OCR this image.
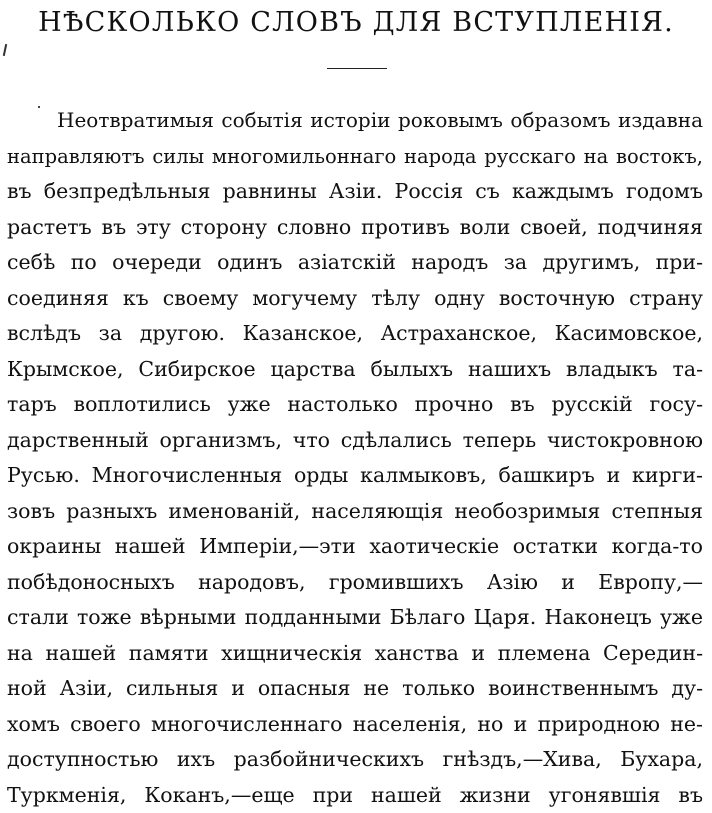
НѢСКОЛЬКО СЛОВЪ ДЛЯ ВСТУПЛЕНІЯ.
Неотвратимыя событія исторіи роковымъ образомъ издавна
направляютъ силы многомильоннаго народа русскаго на востокъ,
въ безпредѣльныя равнины Азіи. Россія съ каждымъ годомъ
растетъ въ эту сторону словно противъ воли своей, подчиняя
себѣ по очереди одинъ азіатскій народъ за другимъ, при-
соединяя къ своему могучему тѣлу одну восточную страну
вслѣдъ за другою. Казанское, Астраханское, Касимовское,
Крымское, Сибирское царства былыхъ нашихъ владыкъ та-
таръ воплотились уже настолько прочно въ русскій госу-
дарственный организмъ, что сдѣлались теперь чистокровною
Русью. Многочисленныя орды калмыковъ, башкиръ и кирги-
зовъ разныхъ именованій, населяющія необозримыя степныя
окраины нашей Имперіи,—эти хаотическіе остатки когда-то
побѣдоносныхъ народовъ, громившихъ Азію и Европу,—
стали тоже вѣрными подданными Бѣлаго Царя. Наконецъ уже
на нашей памяти хищническія ханства и племена Середин-
ной Азіи, сильныя и опасныя не только воинственнымъ ду-
хомъ своего многочисленнаго населенія, но и природною не-
доступностью ихъ разбойническихъ гнѣздъ,—Хива, Бухара,
Туркменія, Коканъ,—еще при нашей жизни угонявшія въ
